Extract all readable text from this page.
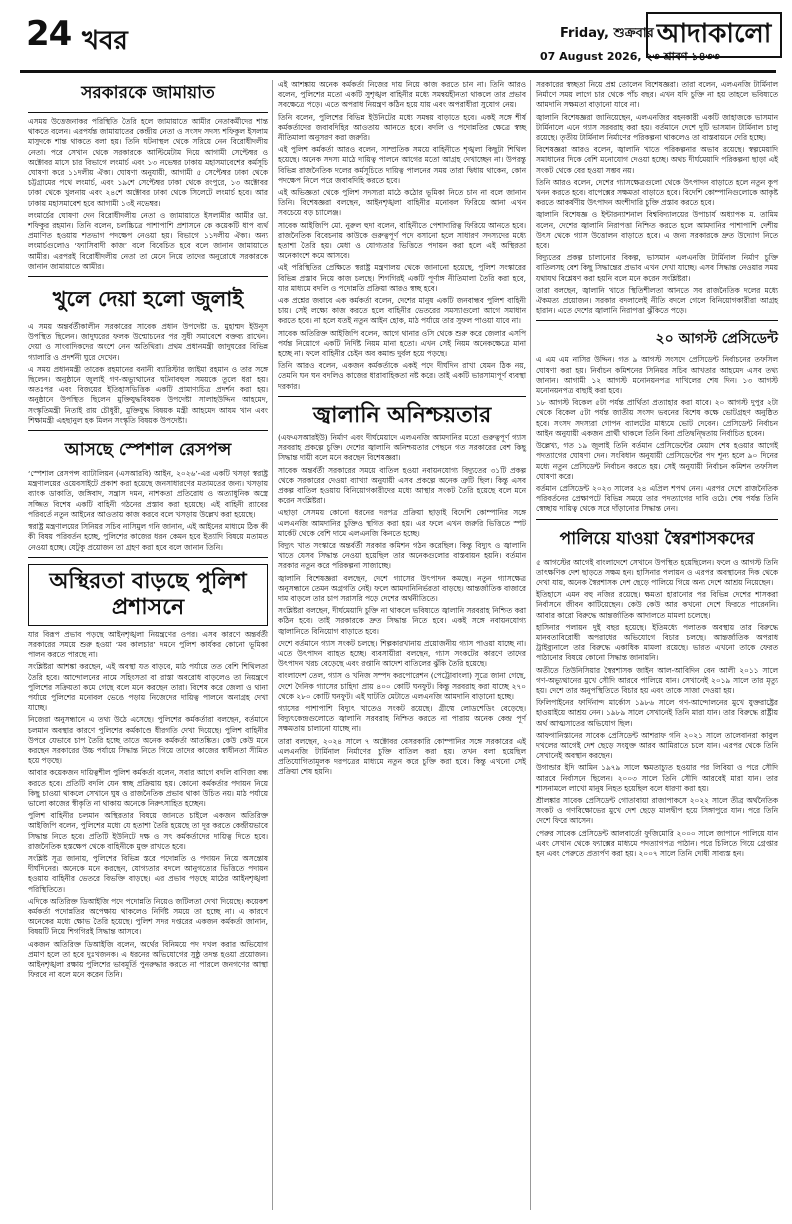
24 খবর	Friday, শুক্রবার
07 August 2026, ২৩ শ্রাবণ ১৪৩৩
আদাকালো
সরকারকে জামায়াত

এসময় উত্তেজনাকর পরিস্থিতি তৈরি হলে জামায়াতে আমীর নেতাকর্মীদের শান্ত থাকতে বলেন। এরপর্যন্ত জামায়াতের কেন্দ্রীয় নেতা ও সংসদ সদস্য শফিকুল ইসলাম মাসুদকে শান্ত থাকতে বলা হয়। তিনি ঘটনাস্থল থেকে সরিয়ে নেন বিরোধীদলীয় নেতা। পরে সেখান থেকে সরকারকে আল্টিমেটাম দিয়ে আগামী সেপ্টেম্বর ও অক্টোবর মাসে চার বিভাগে লংমার্চ এবং ১৩ নভেম্বর ঢাকায় মহাসমাবেশের কর্মসূচি ঘোষণা করে ১১দলীয় ঐক্য। ঘোষণা অনুযায়ী, আগামী ৫ সেপ্টেম্বর ঢাকা থেকে চট্টগ্রামের পথে লংমার্চ, এবং ১৯শে সেপ্টেম্বর ঢাকা থেকে রংপুরে, ১৩ অক্টোবর ঢাকা থেকে খুলনায় এবং ২৪শে অক্টোবর ঢাকা থেকে সিলেটে লংমার্চ হবে। আর ঢাকায় মহাসমাবেশ হবে আগামী ১৩ই নভেম্বর।

লংমার্চের ঘোষণা দেন বিরোধীদলীয় নেতা ও জামায়াতে ইসলামীর আমীর ডা. শফিকুর রহমান। তিনি বলেন, চলচ্চিত্রে পাশাপাশি প্রশাসনে কে কয়েকটি ধাপ ব্যর্থ প্রমাণিত হওয়ায় শতভাগ পদক্ষেপ নেওয়া হয়। বিভাগে ১১দলীয় ঐক্য। অন্য লংমার্চগুলোও ‘ফ্যাসিবাদী কাজ’ বলে বিবেচিত হবে বলে জানান জামায়াতে আমীর। এরপরই বিরোধীদলীয় নেতা তা মেনে নিয়ে তাদের অনুরোধে সরকারকে জানান জামায়াতে আমীর।

খুলে দেয়া হলো জুলাই

এ সময় অন্তর্বর্তীকালীন সরকারের সাবেক প্রধান উপদেষ্টা ড. মুহাম্মদ ইউনূস উপস্থিত ছিলেন। জাদুঘরের ফলক উন্মোচনের পর সুধী সমাবেশে বক্তব্য রাখেন। দেয়া ও সাংবাদিকদের অংশে নেন অতিথিরা। প্রথম প্রধানমন্ত্রী জাদুঘরের বিভিন্ন গ্যালারি ও প্রদর্শনী ঘুরে দেখেন।

এ সময় প্রধানমন্ত্রী তারেক রহমানের বনানী ব্যারিস্টার জাইমা রহমান ও তার সঙ্গে ছিলেন। অনুষ্ঠানে জুলাই গণ-অভ্যুত্থানের ঘটনাবহুল সময়কে তুলে ধরা হয়। অতঃপর এবং বিজয়ের ইতিহাসভিত্তিক একটি প্রামাণ্যচিত্র প্রদর্শন করা হয়। অনুষ্ঠানে উপস্থিত ছিলেন মুক্তিযুদ্ধবিষয়ক উপদেষ্টা সালাহউদ্দিন আহমেদ, সংস্কৃতিমন্ত্রী নিতাই রায় চৌধুরী, মুক্তিযুদ্ধ বিষয়ক মন্ত্রী আহমেদ আযম খান এবং শিক্ষামন্ত্রী এহছানুল হক মিলন সংস্কৃতি বিষয়ক উপদেষ্টা।

আসছে স্পেশাল রেসপন্স

‘স্পেশাল রেসপন্স ব্যাটালিয়ন (এসআরবি) আইন, ২০২৬’-এর একটি খসড়া স্বরাষ্ট্র মন্ত্রণালয়ের ওয়েবসাইটে প্রকাশ করা হয়েছে জনসাধারণের মতামতের জন্য। খসড়ায় ব্যাংক ডাকাতি, জঙ্গিবাদ, সন্ত্রাস দমন, নাশকতা প্রতিরোধ ও অত্যাধুনিক অস্ত্রে সজ্জিত বিশেষ একটি বাহিনী গঠনের প্রস্তাব করা হয়েছে। এই বাহিনী র‍্যাবের পরিবর্তে নতুন আইনের আওতায় কাজ করবে বলে খসড়ায় উল্লেখ করা হয়েছে।

স্বরাষ্ট্র মন্ত্রণালয়ের সিনিয়র সচিব নাসিমুল গনি জানান, এই আইনের মাধ্যমে ঠিক কী কী বিষয় পরিবর্তন হচ্ছে, পুলিশের কাজের ধরন কেমন হবে ইত্যাদি বিষয়ে মতামত নেওয়া হচ্ছে। যেটুকু প্রয়োজন তা গ্রহণ করা হবে বলে জানান তিনি।

অস্থিরতা বাড়ছে পুলিশ প্রশাসনে

যার বিরূপ প্রভাব পড়ছে আইনশৃঙ্খলা নিয়ন্ত্রণের ওপর। এসব কারণে অন্তর্বর্তী সরকারের সময়ে শুরু হওয়া ‘মব কালচার’ দমনে পুলিশ কার্যকর কোনো ভূমিকা পালন করতে পারছে না।

সংশ্লিষ্টরা আশঙ্কা করছেন, এই অবস্থা যত বাড়বে, মাঠ পর্যায়ে তত বেশি শিথিলতা তৈরি হবে। আন্দোলনের নামে সহিংসতা বা রাস্তা অবরোধ বাড়লেও তা নিয়ন্ত্রণে পুলিশের সক্রিয়তা কমে গেছে বলে মনে করছেন তারা। বিশেষ করে জেলা ও থানা পর্যায়ে পুলিশের মনোবল ভেঙে পড়ায় নিজেদের দায়িত্ব পালনে অনাগ্রহ দেখা যাচ্ছে।

নিজেরা অনুসন্ধানে এ তথ্য উঠে এসেছে। পুলিশের কর্মকর্তারা বলছেন, বর্তমানে চলমান অবস্থার কারণে পুলিশের কর্মকাণ্ডে ধীরগতি দেখা দিয়েছে। পুলিশ বাহিনীর উপরে যেভাবে চাপ তৈরি হচ্ছে তাতে অনেক কর্মকর্তা আতঙ্কিত। কেউ কেউ মনে করছেন সরকারের উচ্চ পর্যায়ে সিদ্ধান্ত নিতে গিয়ে তাদের কাজের স্বাধীনতা সীমিত হয়ে পড়ছে।

আবার কয়েকজন দায়িত্বশীল পুলিশ কর্মকর্তা বলেন, সবার আগে বদলি বাণিজ্য বন্ধ করতে হবে। প্রতিটি বদলি যেন স্বচ্ছ প্রক্রিয়ায় হয়। কোনো কর্মকর্তার পদায়ন নিয়ে কিছু চাওয়া থাকলে সেখানে ঘুষ ও রাজনৈতিক প্রভাব থাকা উচিত নয়। মাঠ পর্যায়ে ভালো কাজের স্বীকৃতি না থাকায় অনেকে নিরুৎসাহিত হচ্ছেন।

পুলিশ বাহিনীর চলমান অস্থিরতার বিষয়ে জানতে চাইলে একজন অতিরিক্ত আইজিপি বলেন, পুলিশের মধ্যে যে হতাশা তৈরি হয়েছে তা দূর করতে কেন্দ্রীয়ভাবে সিদ্ধান্ত নিতে হবে। প্রতিটি ইউনিটে দক্ষ ও সৎ কর্মকর্তাদের দায়িত্ব দিতে হবে। রাজনৈতিক হস্তক্ষেপ থেকে বাহিনীকে মুক্ত রাখতে হবে।

সংশ্লিষ্ট সূত্র জানায়, পুলিশের বিভিন্ন স্তরে পদোন্নতি ও পদায়ন নিয়ে অসন্তোষ দীর্ঘদিনের। অনেকে মনে করছেন, যোগ্যতার বদলে আনুগত্যের ভিত্তিতে পদায়ন হওয়ায় বাহিনীর ভেতরে বিভক্তি বাড়ছে। এর প্রভাব পড়ছে মাঠের আইনশৃঙ্খলা পরিস্থিতিতে।

এদিকে অতিরিক্ত ডিআইজি পদে পদোন্নতি নিয়েও জটিলতা দেখা দিয়েছে। কয়েকশ কর্মকর্তা পদোন্নতির অপেক্ষায় থাকলেও নির্দিষ্ট সময়ে তা হচ্ছে না। এ কারণে অনেকের মধ্যে ক্ষোভ তৈরি হয়েছে। পুলিশ সদর দপ্তরের একজন কর্মকর্তা জানান, বিষয়টি নিয়ে শিগগিরই সিদ্ধান্ত আসবে।

একজন অতিরিক্ত ডিআইজি বলেন, অর্থের বিনিময়ে পদ দখল করার অভিযোগ প্রমাণ হলে তা হবে দুঃখজনক। এ ধরনের অভিযোগের সুষ্ঠু তদন্ত হওয়া প্রয়োজন। আইনশৃঙ্খলা রক্ষায় পুলিশের ভাবমূর্তি পুনরুদ্ধার করতে না পারলে জনগণের আস্থা ফিরবে না বলে মনে করেন তিনি।

এই আশঙ্কায় অনেক কর্মকর্তা নিজের দায় নিয়ে কাজ করতে চান না। তিনি আরও বলেন, পুলিশের মতো একটি সুশৃঙ্খল বাহিনীর মধ্যে সমন্বয়হীনতা থাকলে তার প্রভাব সবক্ষেত্রে পড়ে। এতে অপরাধ নিয়ন্ত্রণ কঠিন হয়ে যায় এবং অপরাধীরা সুযোগ নেয়।

তিনি বলেন, পুলিশের বিভিন্ন ইউনিটের মধ্যে সমন্বয় বাড়াতে হবে। একই সঙ্গে শীর্ষ কর্মকর্তাদের জবাবদিহির আওতায় আনতে হবে। বদলি ও পদোন্নতির ক্ষেত্রে স্বচ্ছ নীতিমালা অনুসরণ করা জরুরি।

এই পুলিশ কর্মকর্তা আরও বলেন, সাম্প্রতিক সময়ে বাহিনীতে শৃঙ্খলা কিছুটা শিথিল হয়েছে। অনেক সদস্য মাঠে দায়িত্ব পালনে আগের মতো আগ্রহ দেখাচ্ছেন না। উপরন্তু বিভিন্ন রাজনৈতিক দলের কর্মসূচিতে দায়িত্ব পালনের সময় তারা দ্বিধায় থাকেন, কোন পদক্ষেপ নিলে পরে জবাবদিহি করতে হবে।

এই অভিজ্ঞতা থেকে পুলিশ সদস্যরা মাঠে কঠোর ভূমিকা নিতে চান না বলে জানান তিনি। বিশেষজ্ঞরা বলছেন, আইনশৃঙ্খলা বাহিনীর মনোবল ফিরিয়ে আনা এখন সবচেয়ে বড় চ্যালেঞ্জ।

সাবেক আইজিপি মো. নুরুল হুদা বলেন, বাহিনীতে পেশাদারিত্ব ফিরিয়ে আনতে হবে। রাজনৈতিক বিবেচনায় কাউকে গুরুত্বপূর্ণ পদে বসানো হলে সাধারণ সদস্যদের মধ্যে হতাশা তৈরি হয়। মেধা ও যোগ্যতার ভিত্তিতে পদায়ন করা হলে এই অস্থিরতা অনেকাংশে কমে আসবে।

এই পরিস্থিতির প্রেক্ষিতে স্বরাষ্ট্র মন্ত্রণালয় থেকে জানানো হয়েছে, পুলিশ সংস্কারের বিভিন্ন প্রস্তাব নিয়ে কাজ চলছে। শিগগিরই একটি পূর্ণাঙ্গ নীতিমালা তৈরি করা হবে, যার মাধ্যমে বদলি ও পদোন্নতি প্রক্রিয়া আরও স্বচ্ছ হবে।

এক প্রশ্নের জবাবে এক কর্মকর্তা বলেন, দেশের মানুষ একটি জনবান্ধব পুলিশ বাহিনী চায়। সেই লক্ষ্যে কাজ করতে হলে বাহিনীর ভেতরের সমস্যাগুলো আগে সমাধান করতে হবে। না হলে যতই নতুন আইন হোক, মাঠ পর্যায়ে তার সুফল পাওয়া যাবে না।

সাবেক অতিরিক্ত আইজিপি বলেন, আগে থানার ওসি থেকে শুরু করে জেলার এসপি পর্যন্ত নিয়োগে একটি নির্দিষ্ট নিয়ম মানা হতো। এখন সেই নিয়ম অনেকক্ষেত্রে মানা হচ্ছে না। ফলে বাহিনীর চেইন অব কমান্ড দুর্বল হয়ে পড়ছে।

তিনি আরও বলেন, একজন কর্মকর্তাকে একই পদে দীর্ঘদিন রাখা যেমন ঠিক নয়, তেমনি ঘন ঘন বদলিও কাজের ধারাবাহিকতা নষ্ট করে। তাই একটি ভারসাম্যপূর্ণ ব্যবস্থা দরকার।

জ্বালানি অনিশ্চয়তার

(এফএসআরইউ) নির্মাণ এবং দীর্ঘমেয়াদে এলএনজি আমদানির মতো গুরুত্বপূর্ণ গ্যাস সরবরাহ প্রকল্পে চুক্তি। দেশের জ্বালানি অনিশ্চয়তার পেছনে গত সরকারের বেশ কিছু সিদ্ধান্ত দায়ী বলে মনে করছেন বিশেষজ্ঞরা।

সাবেক অন্তর্বর্তী সরকারের সময়ে বাতিল হওয়া নবায়নযোগ্য বিদ্যুতের ৩১টি প্রকল্প থেকে সরকারের দেওয়া ব্যাখ্যা অনুযায়ী এসব প্রকল্পে অনেক ত্রুটি ছিল। কিন্তু এসব প্রকল্প বাতিল হওয়ায় বিনিয়োগকারীদের মধ্যে আস্থার সংকট তৈরি হয়েছে বলে মনে করেন সংশ্লিষ্টরা।

এছাড়া সেসময় কোনো ধরনের দরপত্র প্রক্রিয়া ছাড়াই বিদেশি কোম্পানির সঙ্গে এলএনজি আমদানির চুক্তিও স্থগিত করা হয়। এর ফলে এখন জরুরি ভিত্তিতে স্পট মার্কেট থেকে বেশি দামে এলএনজি কিনতে হচ্ছে।

বিদ্যুৎ খাত সংস্কারে অন্তর্বর্তী সরকার কমিশন গঠন করেছিল। কিন্তু বিদ্যুৎ ও জ্বালানি খাতে যেসব সিদ্ধান্ত নেওয়া হয়েছিল তার অনেকগুলোর বাস্তবায়ন হয়নি। বর্তমান সরকার নতুন করে পরিকল্পনা সাজাচ্ছে।

জ্বালানি বিশেষজ্ঞরা বলছেন, দেশে গ্যাসের উৎপাদন কমছে। নতুন গ্যাসক্ষেত্র অনুসন্ধানে তেমন অগ্রগতি নেই। ফলে আমদানিনির্ভরতা বাড়ছে। আন্তর্জাতিক বাজারে দাম বাড়লে তার চাপ সরাসরি পড়ে দেশের অর্থনীতিতে।

সংশ্লিষ্টরা বলছেন, দীর্ঘমেয়াদি চুক্তি না থাকলে ভবিষ্যতে জ্বালানি সরবরাহ নিশ্চিত করা কঠিন হবে। তাই সরকারকে দ্রুত সিদ্ধান্ত নিতে হবে। একই সঙ্গে নবায়নযোগ্য জ্বালানিতে বিনিয়োগ বাড়াতে হবে।

দেশে বর্তমানে গ্যাস সংকট চলছে। শিল্পকারখানায় প্রয়োজনীয় গ্যাস পাওয়া যাচ্ছে না। এতে উৎপাদন ব্যাহত হচ্ছে। ব্যবসায়ীরা বলছেন, গ্যাস সংকটের কারণে তাদের উৎপাদন খরচ বেড়েছে এবং রপ্তানি আদেশ বাতিলের ঝুঁকি তৈরি হয়েছে।

বাংলাদেশ তেল, গ্যাস ও খনিজ সম্পদ করপোরেশন (পেট্রোবাংলা) সূত্রে জানা গেছে, দেশে দৈনিক গ্যাসের চাহিদা প্রায় ৪০০ কোটি ঘনফুট। কিন্তু সরবরাহ করা যাচ্ছে ২৭০ থেকে ২৮০ কোটি ঘনফুট। এই ঘাটতি মেটাতে এলএনজি আমদানি বাড়ানো হচ্ছে।

গ্যাসের পাশাপাশি বিদ্যুৎ খাতেও সংকট রয়েছে। গ্রীষ্মে লোডশেডিং বেড়েছে। বিদ্যুৎকেন্দ্রগুলোতে জ্বালানি সরবরাহ নিশ্চিত করতে না পারায় অনেক কেন্দ্র পূর্ণ সক্ষমতায় চালানো যাচ্ছে না।

তারা বলছেন, ২০২৪ সালে ৭ অক্টোবর বেসরকারি কোম্পানির সঙ্গে সরকারের এই এলএনজি টার্মিনাল নির্মাণের চুক্তি বাতিল করা হয়। তখন বলা হয়েছিল প্রতিযোগিতামূলক দরপত্রের মাধ্যমে নতুন করে চুক্তি করা হবে। কিন্তু এখনো সেই প্রক্রিয়া শেষ হয়নি।

সরকারের স্বচ্ছতা নিয়ে প্রশ্ন তোলেন বিশেষজ্ঞরা। তারা বলেন, এলএনজি টার্মিনাল নির্মাণে সময় লাগে চার থেকে পাঁচ বছর। এখন যদি চুক্তি না হয় তাহলে ভবিষ্যতে আমদানি সক্ষমতা বাড়ানো যাবে না।

জ্বালানি বিশেষজ্ঞরা জানিয়েছেন, এলএনজির বহনকারী একটি জাহাজকে ভাসমান টার্মিনালে এনে গ্যাস সরবরাহ করা হয়। বর্তমানে দেশে দুটি ভাসমান টার্মিনাল চালু রয়েছে। তৃতীয় টার্মিনাল নির্মাণের পরিকল্পনা থাকলেও তা বাস্তবায়নে দেরি হচ্ছে।

বিশেষজ্ঞরা আরও বলেন, জ্বালানি খাতে পরিকল্পনার অভাব রয়েছে। স্বল্পমেয়াদি সমাধানের দিকে বেশি মনোযোগ দেওয়া হচ্ছে। অথচ দীর্ঘমেয়াদি পরিকল্পনা ছাড়া এই সংকট থেকে বের হওয়া সম্ভব নয়।

তিনি আরও বলেন, দেশের গ্যাসক্ষেত্রগুলো থেকে উৎপাদন বাড়াতে হলে নতুন কূপ খনন করতে হবে। বাপেক্সের সক্ষমতা বাড়াতে হবে। বিদেশি কোম্পানিগুলোকে আকৃষ্ট করতে আকর্ষণীয় উৎপাদন অংশীদারি চুক্তি প্রস্তাব করতে হবে।

জ্বালানি বিশেষজ্ঞ ও ইন্টারন্যাশনাল বিশ্ববিদ্যালয়ের উপাচার্য অধ্যাপক ম. তামিম বলেন, দেশের জ্বালানি নিরাপত্তা নিশ্চিত করতে হলে আমদানির পাশাপাশি দেশীয় উৎস থেকে গ্যাস উত্তোলন বাড়াতে হবে। এ জন্য সরকারকে দ্রুত উদ্যোগ নিতে হবে।

বিদ্যুতের প্রকল্প চালানোর বিকল্প, ভাসমান এলএনজি টার্মিনাল নির্মাণ চুক্তি বাতিলসহ বেশ কিছু সিদ্ধান্তের প্রভাব এখন দেখা যাচ্ছে। এসব সিদ্ধান্ত নেওয়ার সময় যথাযথ বিশ্লেষণ করা হয়নি বলে মনে করেন সংশ্লিষ্টরা।

তারা বলছেন, জ্বালানি খাতে স্থিতিশীলতা আনতে সব রাজনৈতিক দলের মধ্যে ঐকমত্য প্রয়োজন। সরকার বদলালেই নীতি বদলে গেলে বিনিয়োগকারীরা আগ্রহ হারান। এতে দেশের জ্বালানি নিরাপত্তা ঝুঁকিতে পড়ে।

২০ আগস্ট প্রেসিডেন্ট

এ এম এম নাসির উদ্দিন। গত ৯ আগস্ট সংসদে প্রেসিডেন্ট নির্বাচনের তফসিল ঘোষণা করা হয়। নির্বাচন কমিশনের সিনিয়র সচিব আখতার আহমেদ এসব তথ্য জানান। আগামী ১২ আগস্ট মনোনয়নপত্র দাখিলের শেষ দিন। ১৩ আগস্ট মনোনয়নপত্র বাছাই করা হবে।

১৮ আগস্ট বিকেল ৫টা পর্যন্ত প্রার্থিতা প্রত্যাহার করা যাবে। ২০ আগস্ট দুপুর ২টা থেকে বিকেল ৫টা পর্যন্ত জাতীয় সংসদ ভবনের বিশেষ কক্ষে ভোটগ্রহণ অনুষ্ঠিত হবে। সংসদ সদস্যরা গোপন ব্যালটের মাধ্যমে ভোট দেবেন। প্রেসিডেন্ট নির্বাচন আইন অনুযায়ী একজন প্রার্থী থাকলে তিনি বিনা প্রতিদ্বন্দ্বিতায় নির্বাচিত হবেন।

উল্লেখ্য, গত ১৯ জুলাই তিনি বর্তমান প্রেসিডেন্টের মেয়াদ শেষ হওয়ার আগেই পদত্যাগের ঘোষণা দেন। সংবিধান অনুযায়ী প্রেসিডেন্টের পদ শূন্য হলে ৯০ দিনের মধ্যে নতুন প্রেসিডেন্ট নির্বাচন করতে হয়। সেই অনুযায়ী নির্বাচন কমিশন তফসিল ঘোষণা করে।

বর্তমান প্রেসিডেন্ট ২০২৩ সালের ২৪ এপ্রিল শপথ নেন। এরপর দেশে রাজনৈতিক পরিবর্তনের প্রেক্ষাপটে বিভিন্ন সময়ে তার পদত্যাগের দাবি ওঠে। শেষ পর্যন্ত তিনি স্বেচ্ছায় দায়িত্ব থেকে সরে দাঁড়ানোর সিদ্ধান্ত নেন।

পালিয়ে যাওয়া স্বৈরশাসকদের

৫ আগস্টের আগেই বাংলাদেশে সেখানে উপস্থিত হয়েছিলেন। ফলে ও আগস্ট তিনি তাৎক্ষণিক দেশ ছাড়তে সক্ষম হন। হাসিনার পলায়ন ও এরপর অবস্থানের দিক থেকে দেখা যায়, অনেক স্বৈরশাসক দেশ ছেড়ে পালিয়ে গিয়ে অন্য দেশে আশ্রয় নিয়েছেন।

ইতিহাসে এমন বহু নজির রয়েছে। ক্ষমতা হারানোর পর বিভিন্ন দেশের শাসকরা নির্বাসনে জীবন কাটিয়েছেন। কেউ কেউ আর কখনো দেশে ফিরতে পারেননি। আবার কারো বিরুদ্ধে আন্তর্জাতিক আদালতে মামলা চলেছে।

হাসিনার পলায়ন দুই বছর হয়েছে। ইতিমধ্যে পলাতক অবস্থায় তার বিরুদ্ধে মানবতাবিরোধী অপরাধের অভিযোগে বিচার চলছে। আন্তর্জাতিক অপরাধ ট্রাইব্যুনালে তার বিরুদ্ধে একাধিক মামলা রয়েছে। ভারত এখনো তাকে ফেরত পাঠানোর বিষয়ে কোনো সিদ্ধান্ত জানায়নি।

অতীতে তিউনিসিয়ার স্বৈরশাসক জাইন আল-আবিদিন বেন আলী ২০১১ সালে গণ-অভ্যুত্থানের মুখে সৌদি আরবে পালিয়ে যান। সেখানেই ২০১৯ সালে তার মৃত্যু হয়। দেশে তার অনুপস্থিতিতে বিচার হয় এবং তাকে সাজা দেওয়া হয়।

ফিলিপাইনের ফার্দিনান্দ মার্কোস ১৯৮৬ সালে গণ-আন্দোলনের মুখে যুক্তরাষ্ট্রের হাওয়াইয়ে আশ্রয় নেন। ১৯৮৯ সালে সেখানেই তিনি মারা যান। তার বিরুদ্ধে রাষ্ট্রীয় অর্থ আত্মসাতের অভিযোগ ছিল।

আফগানিস্তানের সাবেক প্রেসিডেন্ট আশরাফ গনি ২০২১ সালে তালেবানরা কাবুল দখলের আগেই দেশ ছেড়ে সংযুক্ত আরব আমিরাতে চলে যান। এরপর থেকে তিনি সেখানেই অবস্থান করছেন।

উগান্ডার ইদি আমিন ১৯৭৯ সালে ক্ষমতাচ্যুত হওয়ার পর লিবিয়া ও পরে সৌদি আরবে নির্বাসনে ছিলেন। ২০০৩ সালে তিনি সৌদি আরবেই মারা যান। তার শাসনামলে লাখো মানুষ নিহত হয়েছিল বলে ধারণা করা হয়।

শ্রীলঙ্কার সাবেক প্রেসিডেন্ট গোতাবায়া রাজাপাকসে ২০২২ সালে তীব্র অর্থনৈতিক সংকট ও গণবিক্ষোভের মুখে দেশ ছেড়ে মালদ্বীপ হয়ে সিঙ্গাপুরে যান। পরে তিনি দেশে ফিরে আসেন।

পেরুর সাবেক প্রেসিডেন্ট আলবার্তো ফুজিমোরি ২০০০ সালে জাপানে পালিয়ে যান এবং সেখান থেকে ফ্যাক্সের মাধ্যমে পদত্যাগপত্র পাঠান। পরে চিলিতে গিয়ে গ্রেপ্তার হন এবং পেরুতে প্রত্যর্পণ করা হয়। ২০০৭ সালে তিনি দোষী সাব্যস্ত হন।
